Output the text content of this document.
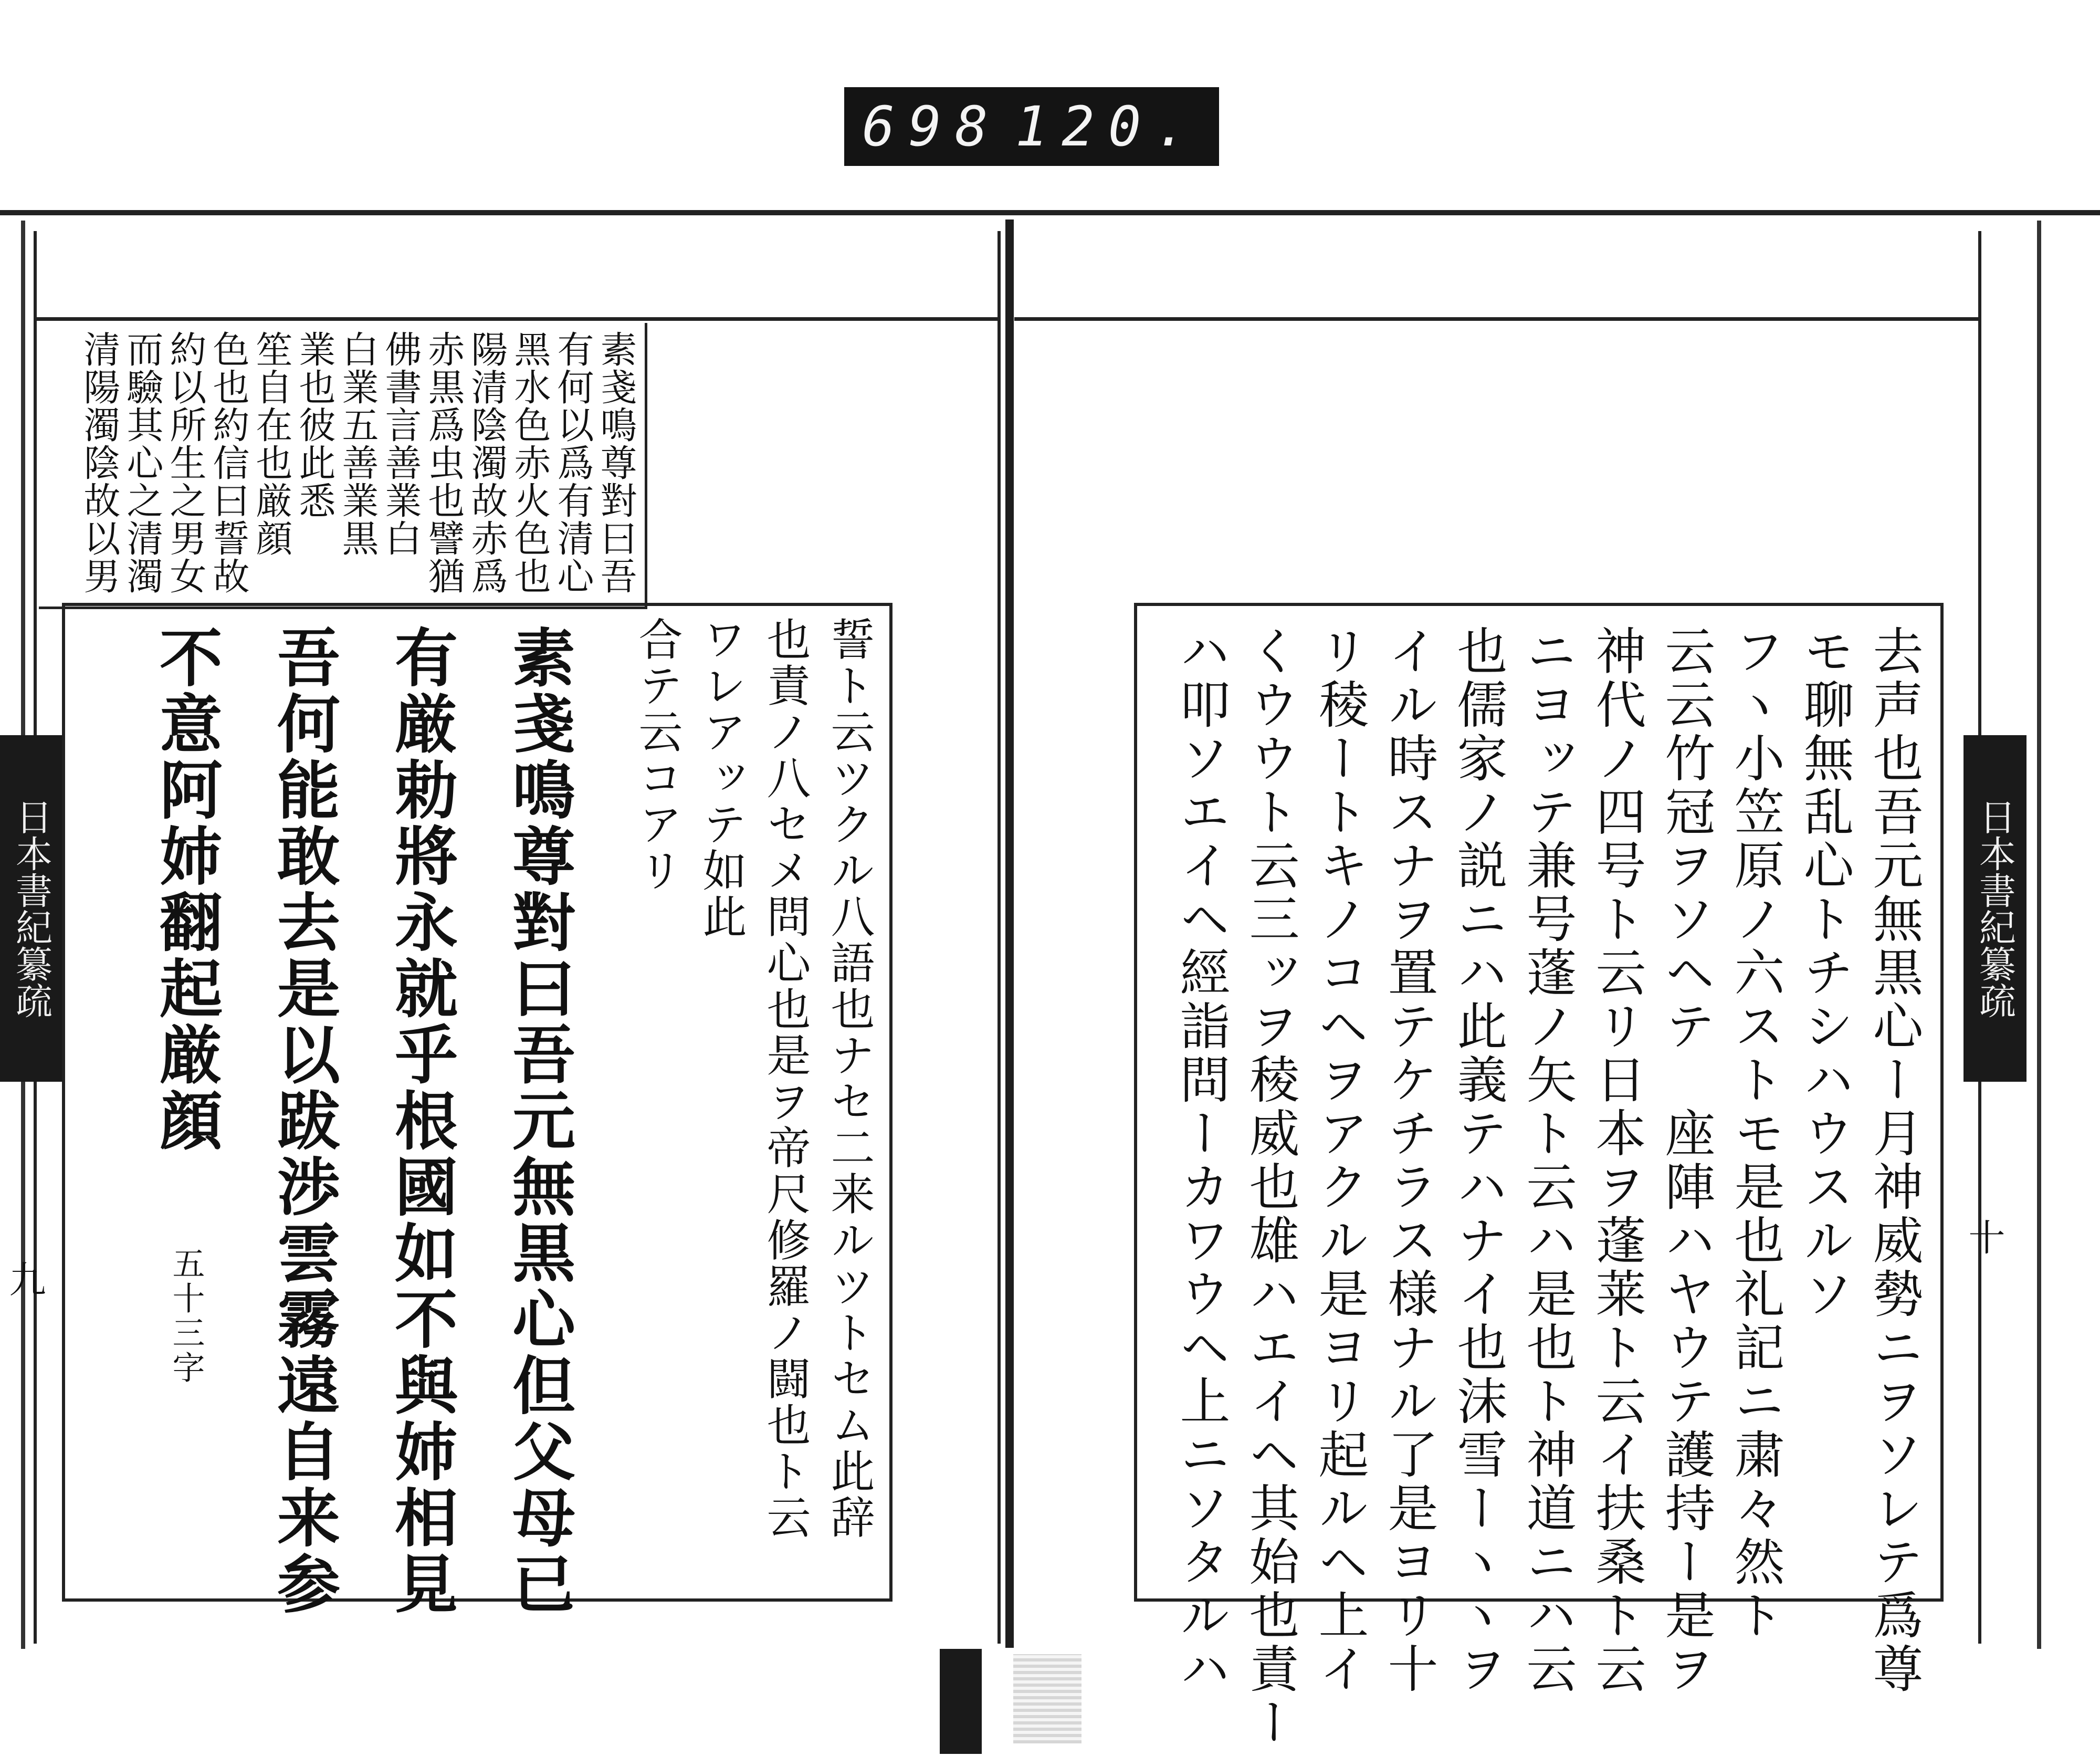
698 120.
日本書紀纂疏
九
素戔鳴尊對曰吾
有何以爲有清心
黑水色赤火色也
陽清陰濁故赤爲
赤黒爲虫也譬猶
佛書言善業白
白業五善業黒
業也彼此悉
笙自在也厳顔
色也約信曰誓故
約以所生之男女
而驗其心之清濁
清陽濁陰故以男
誓ト云ツクル八語也ナセ二来ルツトセム此辞
也責ノ八セメ問心也是ヲ帝尺修羅ノ闘也ト云
ワレアッテ如此
合テ云コアリ
素戔鳴尊對曰吾元無黒心但父母已
有厳勅將永就乎根國如不與姉相見
吾何能敢去是以跋渉雲霧遠自来参
不意阿姉翻起厳顔
五十三字
日本書紀纂疏
十
去声也吾元無黒心ー月神威勢ニヲソレテ爲尊
モ聊無乱心トチシハウスルソ
フヽ小笠原ノ六ストモ是也礼記ニ粛々然ト
云云竹冠ヲソヘテ　座陣ハヤウテ護持ー是ヲ
神代ノ四号ト云リ日本ヲ蓬莱ト云イ扶桑ト云
ニヨッテ兼号蓬ノ矢ト云ハ是也ト神道ニハ云
也儒家ノ説ニハ此義テハナイ也沫雪ーヽヽヲ
イル時スナヲ置テケチラス様ナル了是ヨリ十
リ稜ートキノコヘヲアクル是ヨリ起ルヘ上イ
くウウト云三ッヲ稜威也雄ハエイヘ其始也責ー
ハ叩ソエイヘ經詣問ーカワウヘ上ニソタルハ
